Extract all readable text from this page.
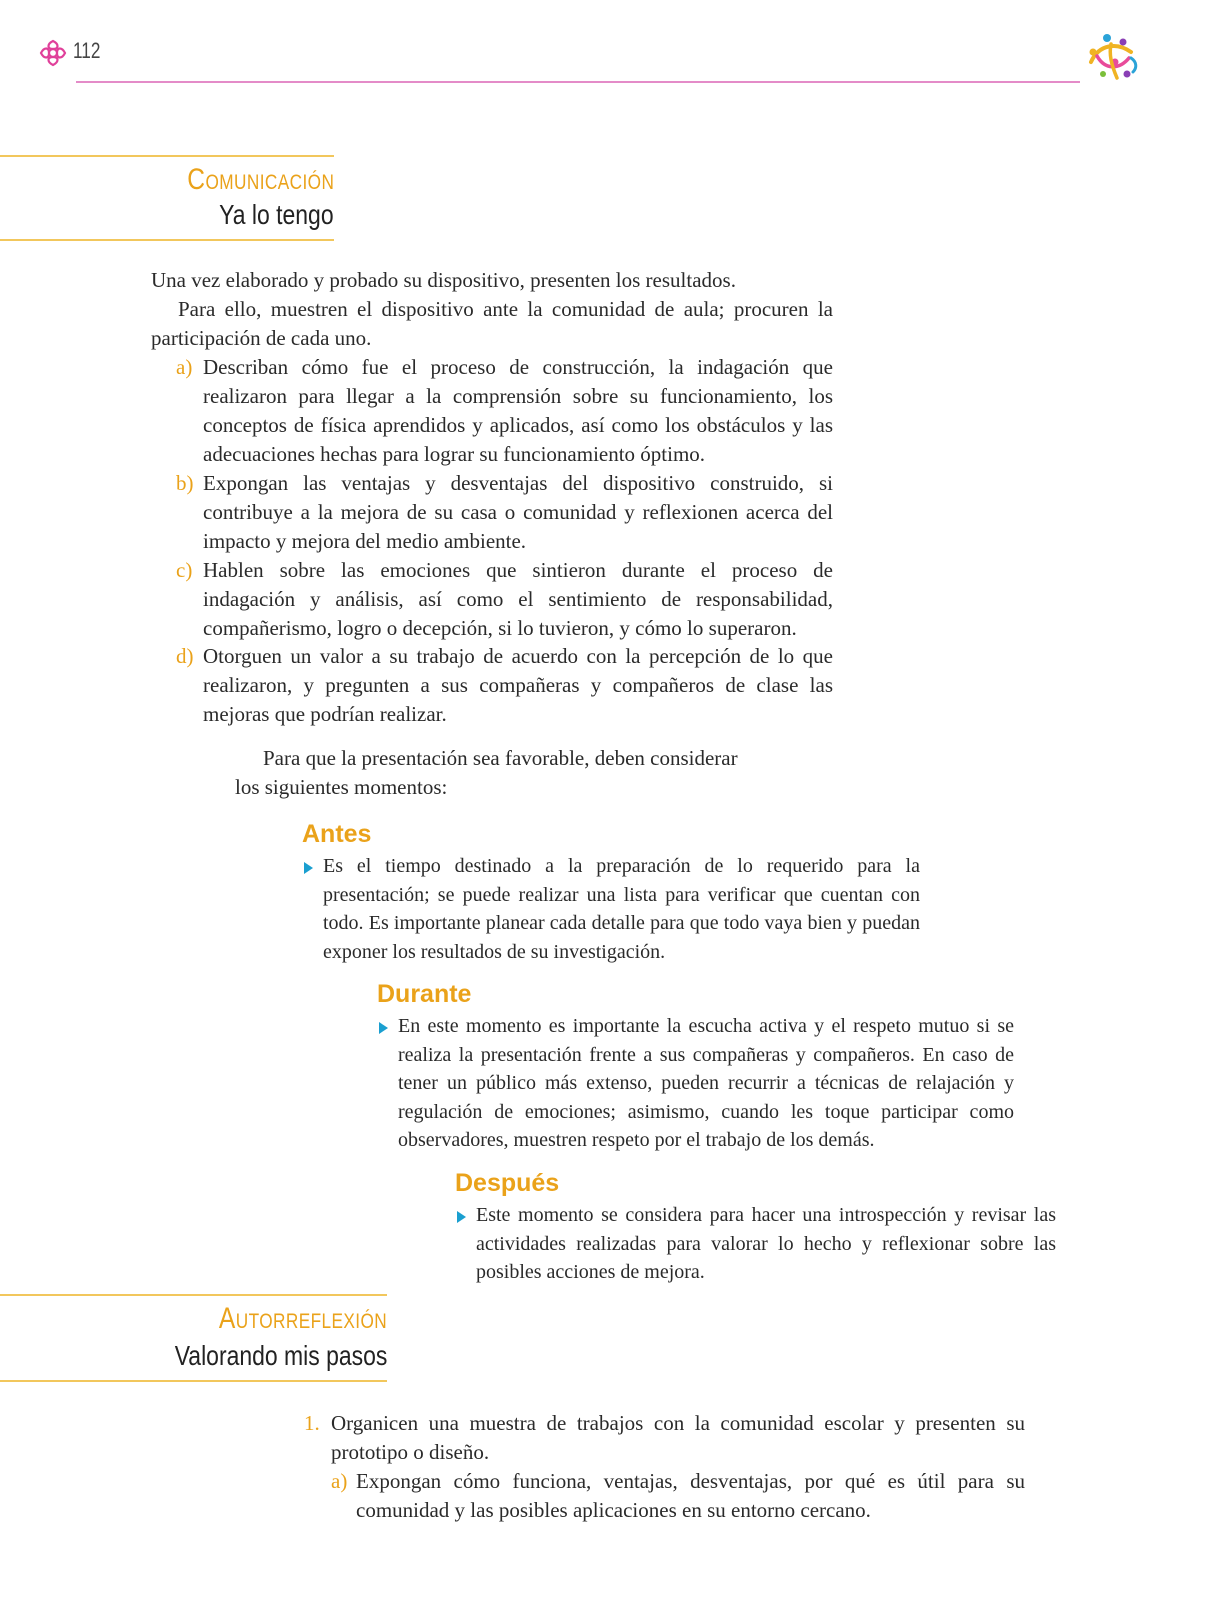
112
Comunicación
Ya lo tengo

Una vez elaborado y probado su dispositivo, presenten los resultados.

Para ello, muestren el dispositivo ante la comunidad de aula; procuren la participación de cada uno.

a) Describan cómo fue el proceso de construcción, la indagación que realizaron para llegar a la comprensión sobre su funcionamiento, los conceptos de física aprendidos y aplicados, así como los obstáculos y las adecuaciones hechas para lograr su funcionamiento óptimo.
b) Expongan las ventajas y desventajas del dispositivo construido, si contribuye a la mejora de su casa o comunidad y reflexionen acerca del impacto y mejora del medio ambiente.
c) Hablen sobre las emociones que sintieron durante el proceso de indagación y análisis, así como el sentimiento de responsabilidad, compañerismo, logro o decepción, si lo tuvieron, y cómo lo superaron.
d) Otorguen un valor a su trabajo de acuerdo con la percepción de lo que realizaron, y pregunten a sus compañeras y compañeros de clase las mejoras que podrían realizar.

Para que la presentación sea favorable, deben considerar los siguientes momentos:

Antes
Es el tiempo destinado a la preparación de lo requerido para la presentación; se puede realizar una lista para verificar que cuentan con todo. Es importante planear cada detalle para que todo vaya bien y puedan exponer los resultados de su investigación.
Durante
En este momento es importante la escucha activa y el respeto mutuo si se realiza la presentación frente a sus compañeras y compañeros. En caso de tener un público más extenso, pueden recurrir a técnicas de relajación y regulación de emociones; asimismo, cuando les toque participar como observadores, muestren respeto por el trabajo de los demás.
Después
Este momento se considera para hacer una introspección y revisar las actividades realizadas para valorar lo hecho y reflexionar sobre las posibles acciones de mejora.
Autorreflexión
Valorando mis pasos
1. Organicen una muestra de trabajos con la comunidad escolar y presenten su prototipo o diseño.
a) Expongan cómo funciona, ventajas, desventajas, por qué es útil para su comunidad y las posibles aplicaciones en su entorno cercano.
